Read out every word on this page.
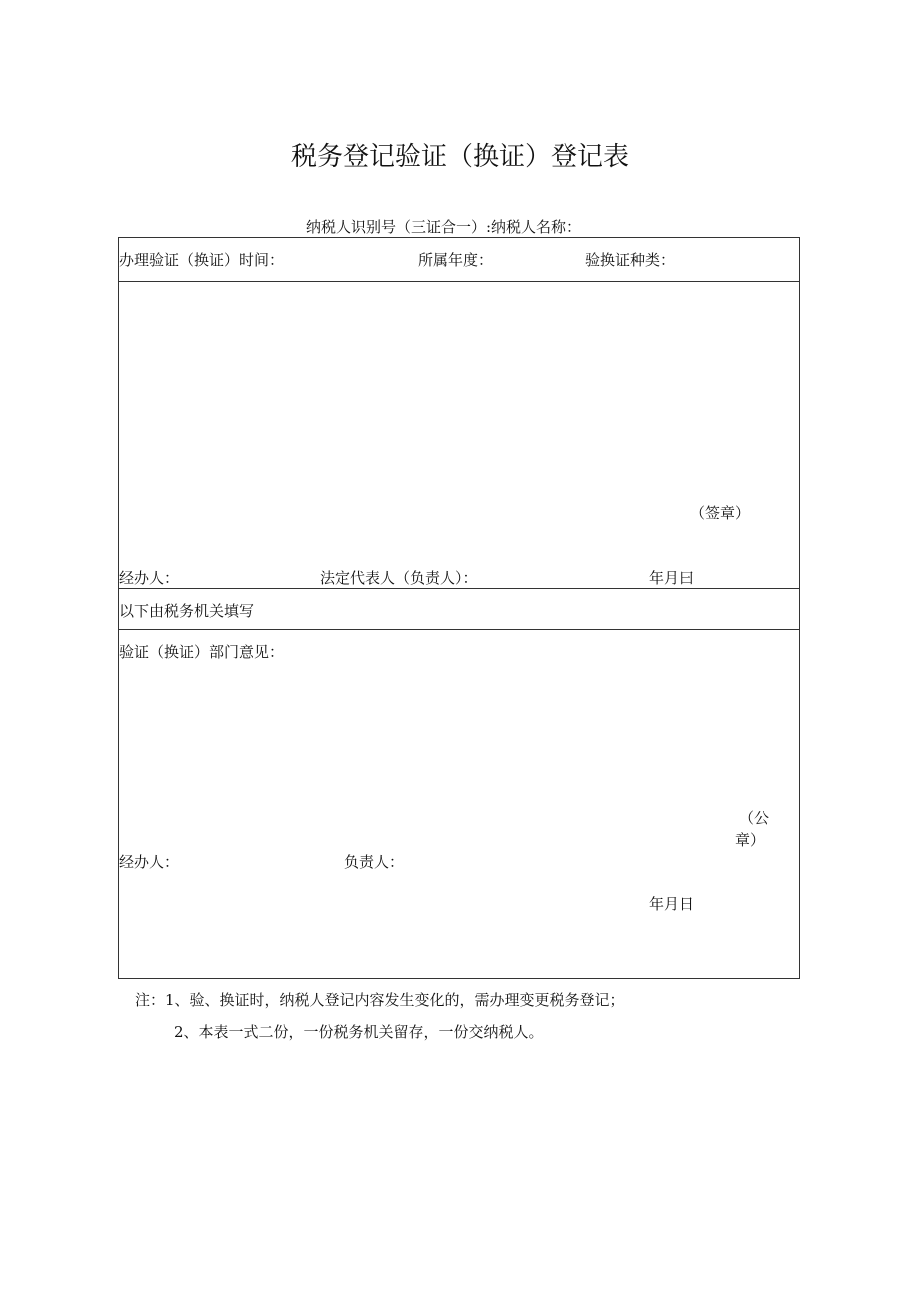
税务登记验证（换证）登记表
纳税人识别号（三证合一）:纳税人名称：
办理验证（换证）时间：	所属年度：	验换证种类：
（签章）
经办人：	法定代表人（负责人）：	年月曰
以下由税务机关填写
验证（换证）部门意见：
（公
章）
经办人：	负责人：
年月日
注：1、验、换证时，纳税人登记内容发生变化的，需办理变更税务登记；
2、本表一式二份，一份税务机关留存，一份交纳税人。
